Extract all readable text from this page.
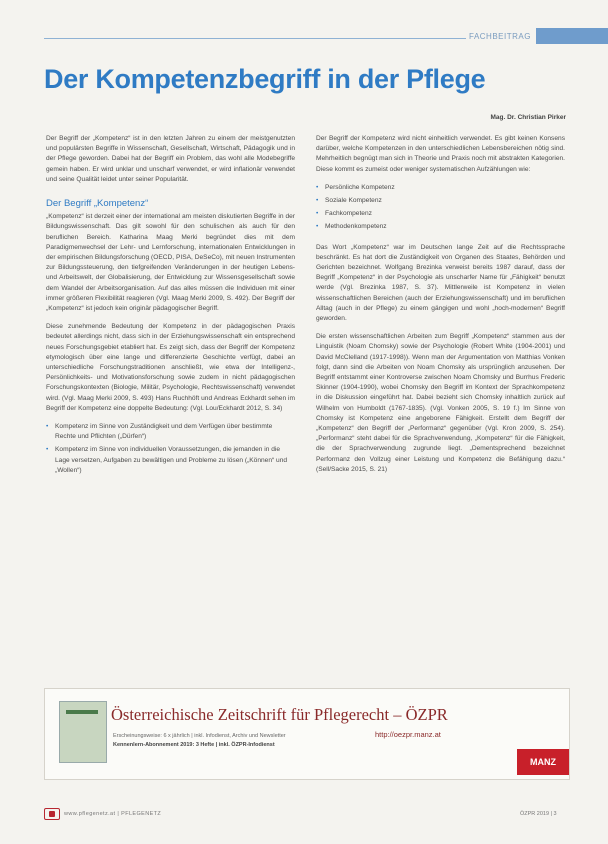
FACHBEITRAG
Der Kompetenzbegriff in der Pflege
Mag. Dr. Christian Pirker

Der Begriff der „Kompetenz“ ist in den letzten Jahren zu einem der meistgenutzten und populärsten Begriffe in Wissenschaft, Gesellschaft, Wirtschaft, Pädagogik und in der Pflege geworden. Dabei hat der Begriff ein Problem, das wohl alle Modebegriffe gemein haben. Er wird unklar und unscharf verwendet, er wird inflationär verwendet und seine Qualität leidet unter seiner Popularität.

Der Begriff „Kompetenz“

„Kompetenz“ ist derzeit einer der international am meisten diskutierten Begriffe in der Bildungswissenschaft. Das gilt sowohl für den schulischen als auch für den beruflichen Bereich. Katharina Maag Merki begründet dies mit dem Paradigmenwechsel der Lehr- und Lernforschung, internationalen Entwicklungen in der empirischen Bildungsforschung (OECD, PISA, DeSeCo), mit neuen Instrumenten zur Bildungssteuerung, den tiefgreifenden Veränderungen in der heutigen Lebens- und Arbeitswelt, der Globalisierung, der Entwicklung zur Wissensgesellschaft sowie dem Wandel der Arbeitsorganisation. Auf das alles müssen die Individuen mit einer immer größeren Flexibilität reagieren (Vgl. Maag Merki 2009, S. 492). Der Begriff der „Kompetenz“ ist jedoch kein originär pädagogischer Begriff.

Diese zunehmende Bedeutung der Kompetenz in der pädagogischen Praxis bedeutet allerdings nicht, dass sich in der Erziehungswissenschaft ein entsprechend neues Forschungsgebiet etabliert hat. Es zeigt sich, dass der Begriff der Kompetenz etymologisch über eine lange und differenzierte Geschichte verfügt, dabei an unterschiedliche Forschungstraditionen anschließt, wie etwa der Intelligenz-, Persönlichkeits- und Motivationsforschung sowie zudem in nicht pädagogischen Forschungskontexten (Biologie, Militär, Psychologie, Rechtswissenschaft) verwendet wird. (Vgl. Maag Merki 2009, S. 493) Hans Ruchhöft und Andreas Eckhardt sehen im Begriff der Kompetenz eine doppelte Bedeutung: (Vgl. Lou/Eckhardt 2012, S. 34)

• Kompetenz im Sinne von Zuständigkeit und dem Verfügen über bestimmte Rechte und Pflichten („Dürfen“)
• Kompetenz im Sinne von individuellen Voraussetzungen, die jemanden in die Lage versetzen, Aufgaben zu bewältigen und Probleme zu lösen („Können“ und „Wollen“)

Der Begriff der Kompetenz wird nicht einheitlich verwendet. Es gibt keinen Konsens darüber, welche Kompetenzen in den unterschiedlichen Lebensbereichen nötig sind. Mehrheitlich begnügt man sich in Theorie und Praxis noch mit abstrakten Kategorien. Diese kommt es zumeist oder weniger systematischen Aufzählungen wie:

• Persönliche Kompetenz
• Soziale Kompetenz
• Fachkompetenz
• Methodenkompetenz

Das Wort „Kompetenz“ war im Deutschen lange Zeit auf die Rechtssprache beschränkt. Es hat dort die Zuständigkeit von Organen des Staates, Behörden und Gerichten bezeichnet. Wolfgang Brezinka verweist bereits 1987 darauf, dass der Begriff „Kompetenz“ in der Psychologie als unscharfer Name für „Fähigkeit“ benutzt werde (Vgl. Brezinka 1987, S. 37). Mittlerweile ist Kompetenz in vielen wissenschaftlichen Bereichen (auch der Erziehungswissenschaft) und im beruflichen Alltag (auch in der Pflege) zu einem gängigen und wohl „hoch-modernen“ Begriff geworden.

Die ersten wissenschaftlichen Arbeiten zum Begriff „Kompetenz“ stammen aus der Linguistik (Noam Chomsky) sowie der Psychologie (Robert White (1904-2001) und David McClelland (1917-1998)). Wenn man der Argumentation von Matthias Vonken folgt, dann sind die Arbeiten von Noam Chomsky als ursprünglich anzusehen. Der Begriff entstammt einer Kontroverse zwischen Noam Chomsky und Burrhus Frederic Skinner (1904-1990), wobei Chomsky den Begriff im Kontext der Sprachkompetenz in die Diskussion eingeführt hat. Dabei bezieht sich Chomsky inhaltlich zurück auf Wilhelm von Humboldt (1767-1835). (Vgl. Vonken 2005, S. 19 f.) Im Sinne von Chomsky ist Kompetenz eine angeborene Fähigkeit. Erstellt dem Begriff der „Kompetenz“ den Begriff der „Performanz“ gegenüber (Vgl. Kron 2009, S. 254). „Performanz“ steht dabei für die Sprachverwendung, „Kompetenz“ für die Fähigkeit, die der Sprachverwendung zugrunde liegt. „Dementsprechend bezeichnet Performanz den Vollzug einer Leistung und Kompetenz die Befähigung dazu.“ (Sell/Sacke 2015, S. 21)

Österreichische Zeitschrift für Pflegerecht – ÖZPR
Erscheinungsweise: 6 x jährlich | inkl. Infodienst, Archiv und Newsletter
Kennenlern-Abonnement 2019: 3 Hefte | inkl. ÖZPR-Infodienst
http://oezpr.manz.at
MANZ
www.pflegenetz.at | PFLEGENETZ	ÖZPR 2019 | 3
